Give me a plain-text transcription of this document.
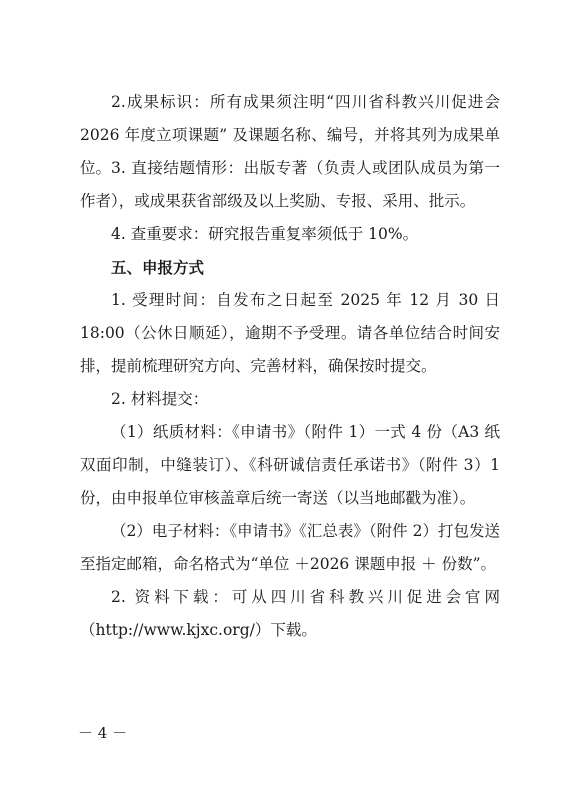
2.成果标识：所有成果须注明“四川省科教兴川促进会 2026 年度立项课题” 及课题名称、编号，并将其列为成果单位。 3. 直接结题情形：出版专著（负责人或团队成员为第一作者），或成果获省部级及以上奖励、专报、采用、批示。

4. 查重要求：研究报告重复率须低于 10%。

五、申报方式

1. 受理时间：自发布之日起至 2025 年 12 月 30 日 18:00（公休日顺延），逾期不予受理。请各单位结合时间安排，提前梳理研究方向、完善材料，确保按时提交。

2. 材料提交：

（1）纸质材料：《申请书》（附件 1）一式 4 份（A3 纸双面印制，中缝装订）、《科研诚信责任承诺书》（附件 3）1 份，由申报单位审核盖章后统一寄送（以当地邮戳为准）。

（2）电子材料：《申请书》《汇总表》（附件 2）打包发送至指定邮箱，命名格式为“单位 ＋2026 课题申报 ＋ 份数”。

2. 资料下载：可从四川省科教兴川促进会官网（http://www.kjxc.org/）下载。

－ 4 －
